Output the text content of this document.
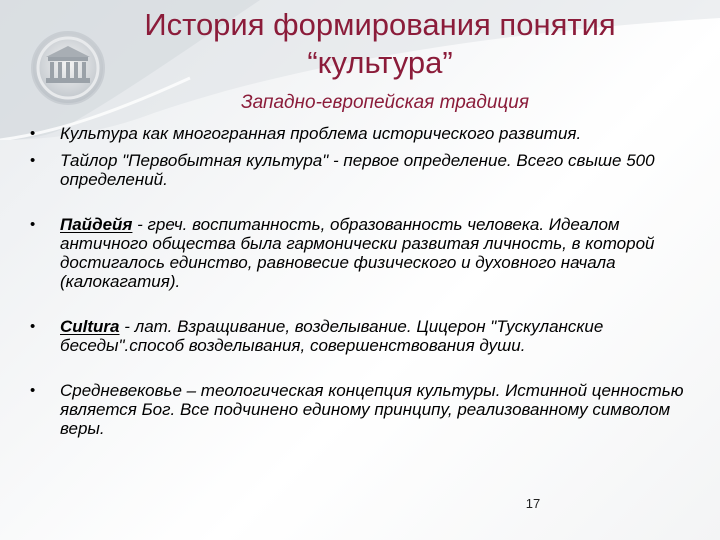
История формирования понятия
“культура”
Западно-европейская традиция
• Культура как многогранная проблема исторического развития.
• Тайлор "Первобытная культура" - первое определение. Всего свыше 500 определений.
• Пайдейя - греч. воспитанность, образованность человека. Идеалом античного общества была гармонически развитая личность, в которой достигалось единство, равновесие физического и духовного начала (калокагатия).
• Cultura - лат. Взращивание, возделывание. Цицерон "Тускуланские беседы".способ возделывания, совершенствования души.
• Средневековье – теологическая концепция культуры. Истинной ценностью является Бог. Все подчинено единому принципу, реализованному символом веры.
17
